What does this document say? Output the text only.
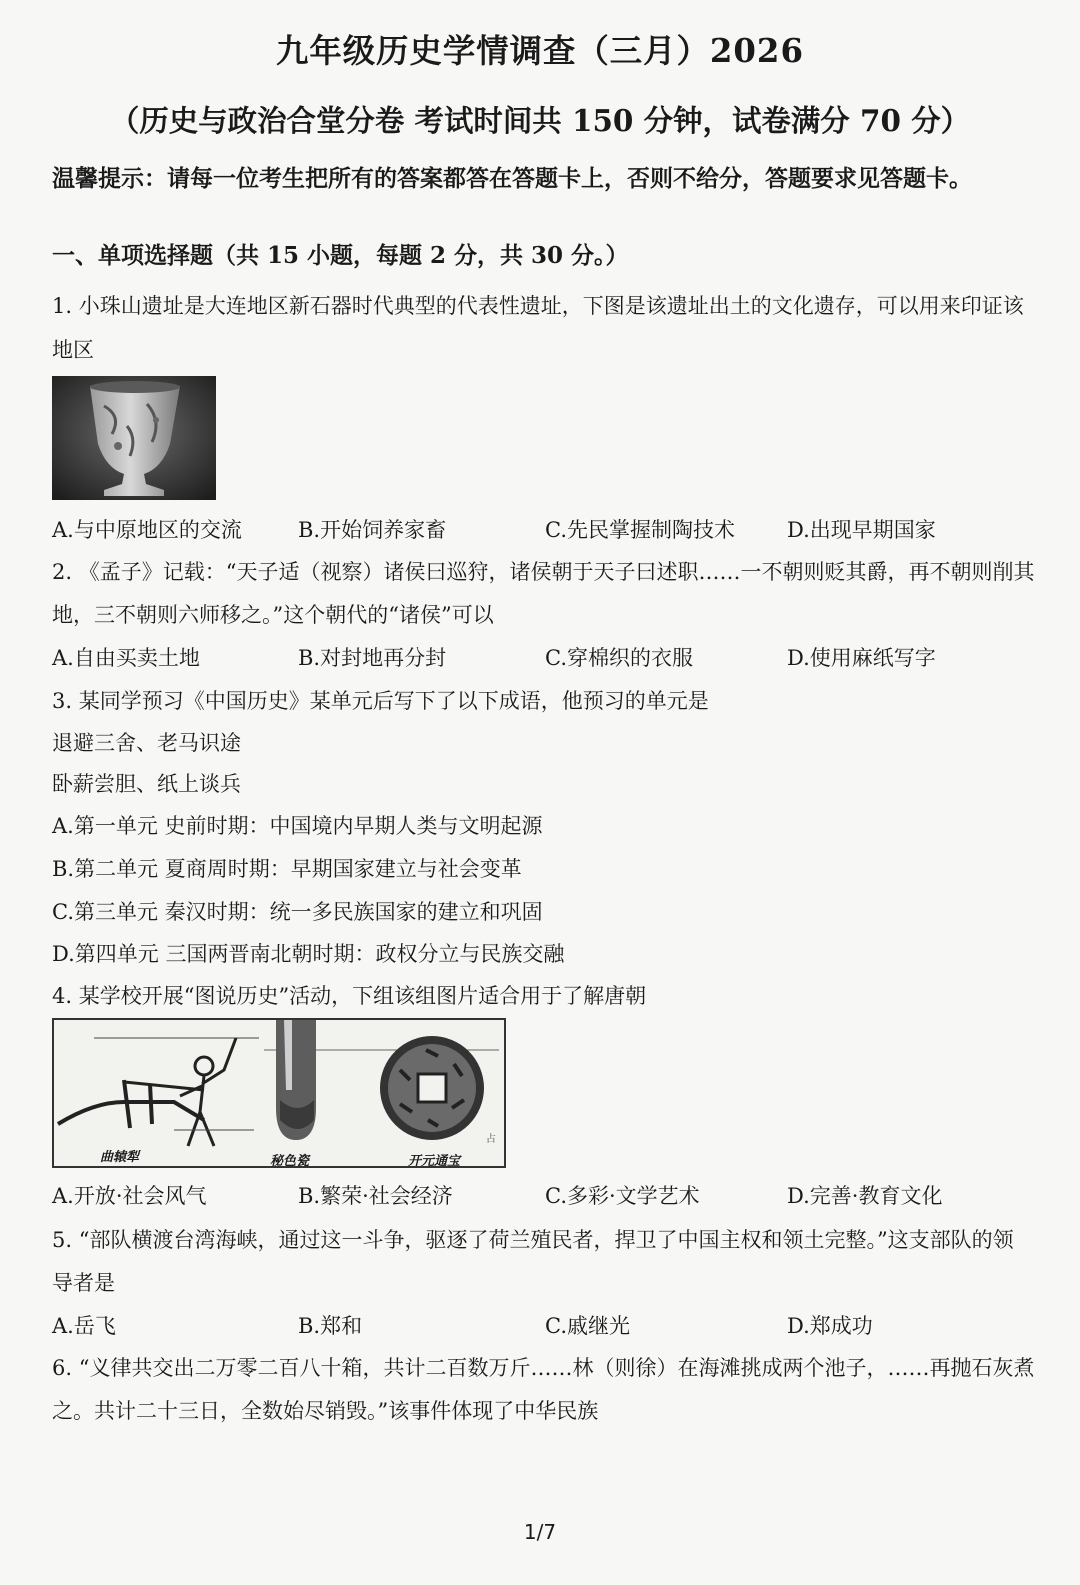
九年级历史学情调查（三月）2026
（历史与政治合堂分卷 考试时间共 150 分钟，试卷满分 70 分）
温馨提示：请每一位考生把所有的答案都答在答题卡上，否则不给分，答题要求见答题卡。
一、单项选择题（共 15 小题，每题 2 分，共 30 分。）
1. 小珠山遗址是大连地区新石器时代典型的代表性遗址，下图是该遗址出土的文化遗存，可以用来印证该
地区
A.与中原地区的交流	B.开始饲养家畜	C.先民掌握制陶技术 D.出现早期国家
2. 《孟子》记载：“天子适（视察）诸侯曰巡狩，诸侯朝于天子曰述职……一不朝则贬其爵，再不朝则削其
地，三不朝则六师移之。”这个朝代的“诸侯”可以
A.自由买卖土地	B.对封地再分封	C.穿棉织的衣服	D.使用麻纸写字
3. 某同学预习《中国历史》某单元后写下了以下成语，他预习的单元是
退避三舍、老马识途
卧薪尝胆、纸上谈兵
A.第一单元 史前时期：中国境内早期人类与文明起源
B.第二单元 夏商周时期：早期国家建立与社会变革
C.第三单元 秦汉时期：统一多民族国家的建立和巩固
D.第四单元 三国两晋南北朝时期：政权分立与民族交融
4. 某学校开展“图说历史”活动，下组该组图片适合用于了解唐朝
占
曲辕犁	秘色瓷	开元通宝
A.开放·社会风气	B.繁荣·社会经济	C.多彩·文学艺术	D.完善·教育文化
5. “部队横渡台湾海峡，通过这一斗争，驱逐了荷兰殖民者，捍卫了中国主权和领土完整。”这支部队的领
导者是
A.岳飞	B.郑和	C.戚继光	D.郑成功
6. “义律共交出二万零二百八十箱，共计二百数万斤……林（则徐）在海滩挑成两个池子，……再抛石灰煮
之。共计二十三日，全数始尽销毁。”该事件体现了中华民族
1/7
